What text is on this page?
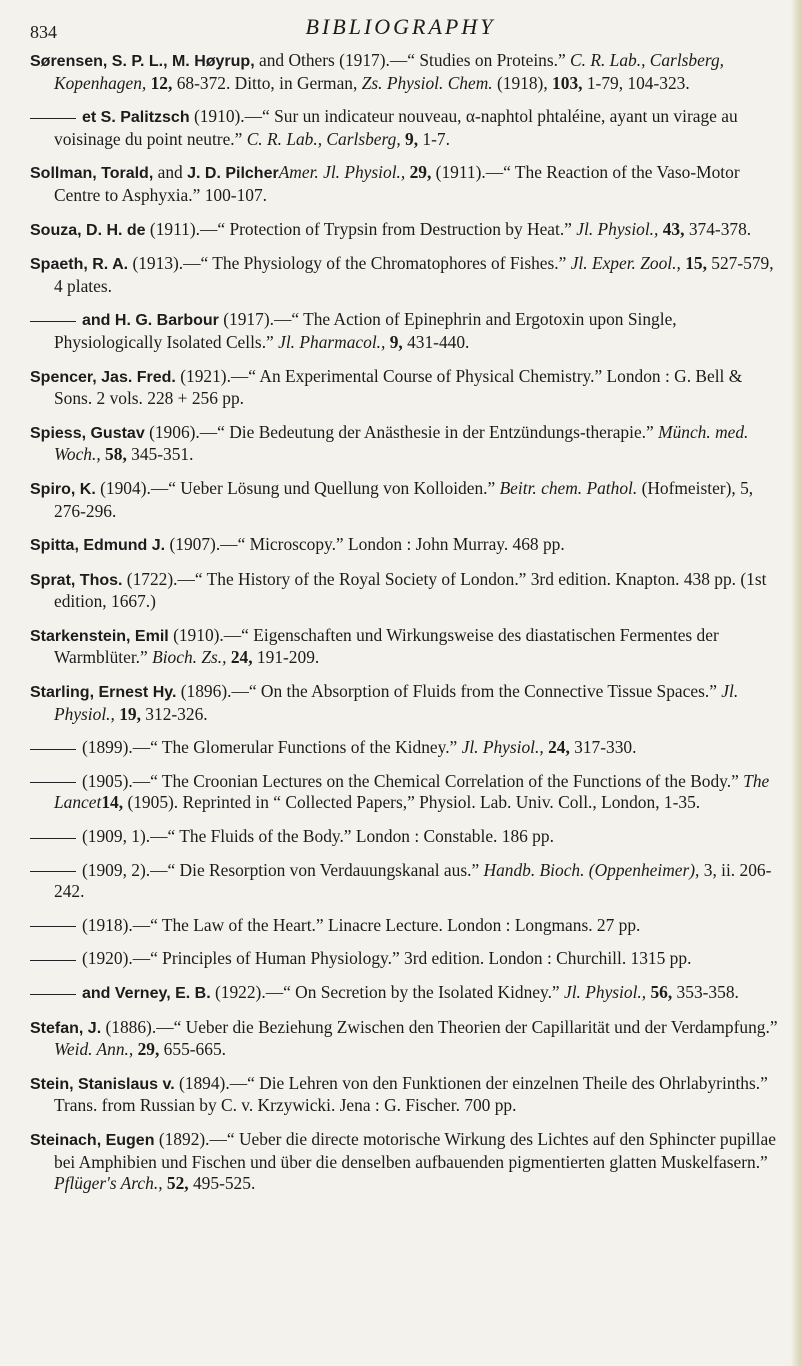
834	BIBLIOGRAPHY
Sørensen, S. P. L., M. Høyrup, and Others (1917).—“ Studies on Proteins.” C. R. Lab., Carlsberg, Kopenhagen, 12, 68-372. Ditto, in German, Zs. Physiol. Chem. (1918), 103, 1-79, 104-323.
et S. Palitzsch (1910).—“ Sur un indicateur nouveau, α-naphtol phtaléine, ayant un virage au voisinage du point neutre.” C. R. Lab., Carlsberg, 9, 1-7.
Sollman, Torald, and J. D. PilcherAmer. Jl. Physiol., 29, (1911).—“ The Reaction of the Vaso-Motor Centre to Asphyxia.” 100-107.
Souza, D. H. de (1911).—“ Protection of Trypsin from Destruction by Heat.” Jl. Physiol., 43, 374-378.
Spaeth, R. A. (1913).—“ The Physiology of the Chromatophores of Fishes.” Jl. Exper. Zool., 15, 527-579, 4 plates.
and H. G. Barbour (1917).—“ The Action of Epinephrin and Ergotoxin upon Single, Physiologically Isolated Cells.” Jl. Pharmacol., 9, 431-440.
Spencer, Jas. Fred. (1921).—“ An Experimental Course of Physical Chemistry.” London : G. Bell & Sons. 2 vols. 228 + 256 pp.
Spiess, Gustav (1906).—“ Die Bedeutung der Anästhesie in der Entzündungs-therapie.” Münch. med. Woch., 58, 345-351.
Spiro, K. (1904).—“ Ueber Lösung und Quellung von Kolloiden.” Beitr. chem. Pathol. (Hofmeister), 5, 276-296.
Spitta, Edmund J. (1907).—“ Microscopy.” London : John Murray. 468 pp.
Sprat, Thos. (1722).—“ The History of the Royal Society of London.” 3rd edition. Knapton. 438 pp. (1st edition, 1667.)
Starkenstein, Emil (1910).—“ Eigenschaften und Wirkungsweise des diastatischen Fermentes der Warmblüter.” Bioch. Zs., 24, 191-209.
Starling, Ernest Hy. (1896).—“ On the Absorption of Fluids from the Connective Tissue Spaces.” Jl. Physiol., 19, 312-326.
(1899).—“ The Glomerular Functions of the Kidney.” Jl. Physiol., 24, 317-330.
(1905).—“ The Croonian Lectures on the Chemical Correlation of the Functions of the Body.” The Lancet14, (1905). Reprinted in “ Collected Papers,” Physiol. Lab. Univ. Coll., London, 1-35.
(1909, 1).—“ The Fluids of the Body.” London : Constable. 186 pp.
(1909, 2).—“ Die Resorption von Verdauungskanal aus.” Handb. Bioch. (Oppenheimer), 3, ii. 206-242.
(1918).—“ The Law of the Heart.” Linacre Lecture. London : Longmans. 27 pp.
(1920).—“ Principles of Human Physiology.” 3rd edition. London : Churchill. 1315 pp.
and Verney, E. B. (1922).—“ On Secretion by the Isolated Kidney.” Jl. Physiol., 56, 353-358.
Stefan, J. (1886).—“ Ueber die Beziehung Zwischen den Theorien der Capillarität und der Verdampfung.” Weid. Ann., 29, 655-665.
Stein, Stanislaus v. (1894).—“ Die Lehren von den Funktionen der einzelnen Theile des Ohrlabyrinths.” Trans. from Russian by C. v. Krzywicki. Jena : G. Fischer. 700 pp.
Steinach, Eugen (1892).—“ Ueber die directe motorische Wirkung des Lichtes auf den Sphincter pupillae bei Amphibien und Fischen und über die denselben aufbauenden pigmentierten glatten Muskelfasern.” Pflüger's Arch., 52, 495-525.
